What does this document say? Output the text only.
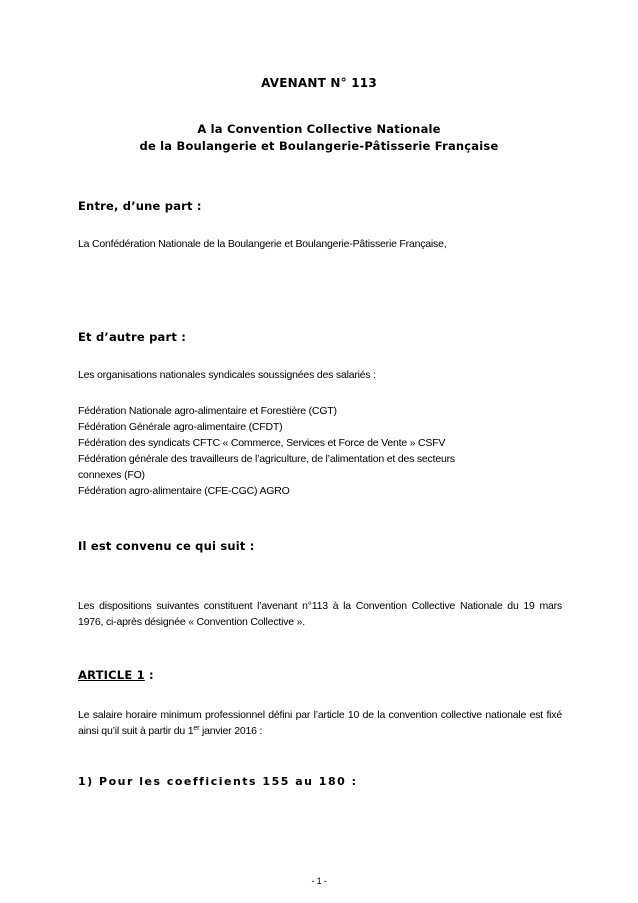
AVENANT N° 113
A la Convention Collective Nationale
de la Boulangerie et Boulangerie-Pâtisserie Française
Entre, d’une part :
La Confédération Nationale de la Boulangerie et Boulangerie-Pâtisserie Française,
Et d’autre part :
Les organisations nationales syndicales soussignées des salariés :
Fédération Nationale agro-alimentaire et Forestière (CGT)
Fédération Générale agro-alimentaire (CFDT)
Fédération des syndicats CFTC « Commerce, Services et Force de Vente » CSFV
Fédération générale des travailleurs de l’agriculture, de l’alimentation et des secteurs
connexes (FO)
Fédération agro-alimentaire (CFE-CGC) AGRO
Il est convenu ce qui suit :
Les dispositions suivantes constituent l’avenant n°113 à la Convention Collective Nationale du 19 mars 1976, ci-après désignée « Convention Collective ».
ARTICLE 1 :
Le salaire horaire minimum professionnel défini par l’article 10 de la convention collective nationale est fixé ainsi qu’il suit à partir du 1er janvier 2016 :
1) Pour les coefficients 155 au 180 :
- 1 -
